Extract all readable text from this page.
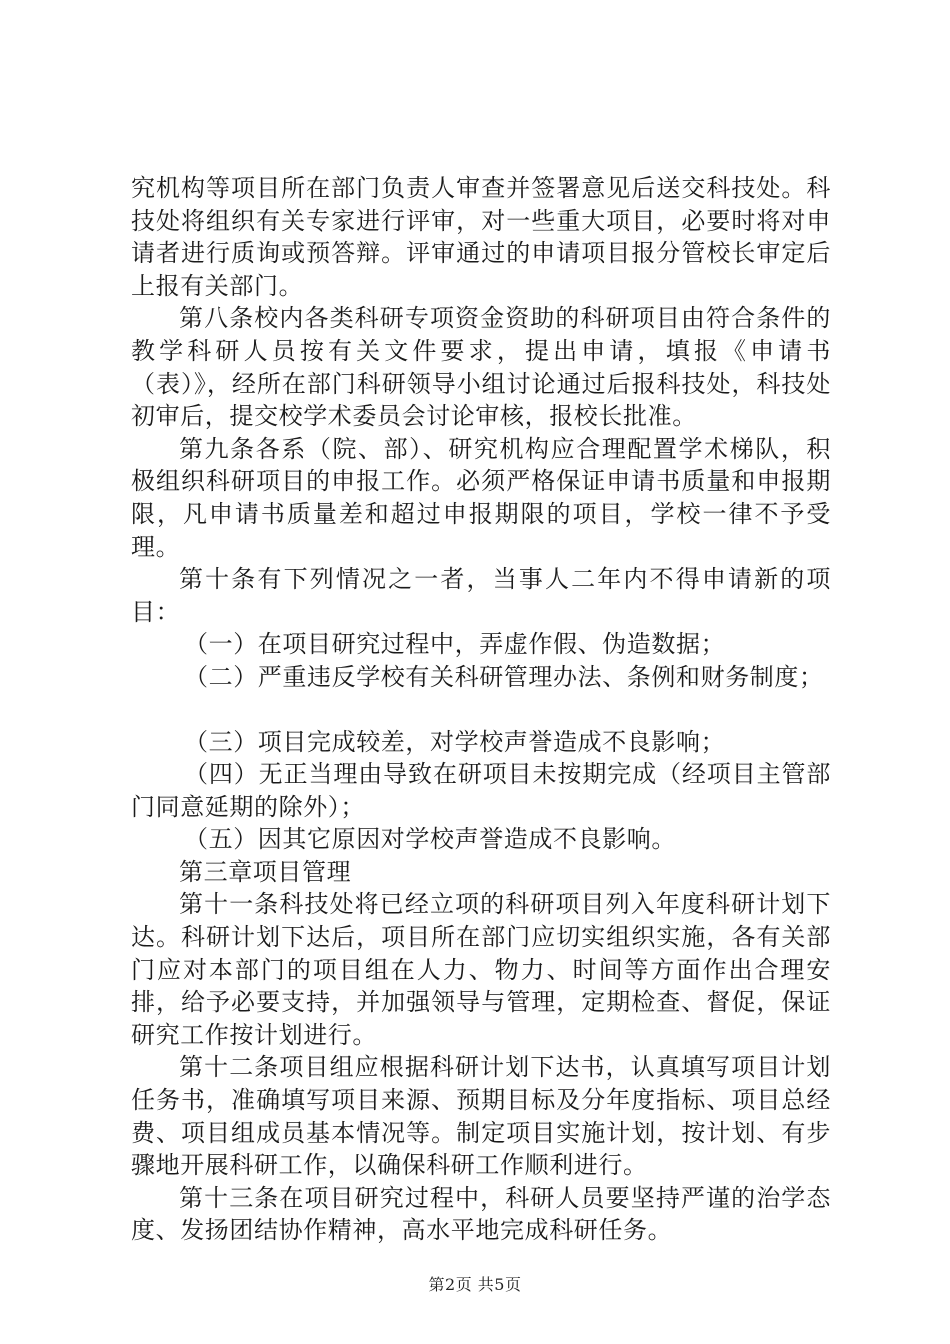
究机构等项目所在部门负责人审查并签署意见后送交科技处。科技处将组织有关专家进行评审，对一些重大项目，必要时将对申请者进行质询或预答辩。评审通过的申请项目报分管校长审定后上报有关部门。

第八条校内各类科研专项资金资助的科研项目由符合条件的教学科研人员按有关文件要求，提出申请，填报《申请书（表）》，经所在部门科研领导小组讨论通过后报科技处，科技处初审后，提交校学术委员会讨论审核，报校长批准。

第九条各系（院、部）、研究机构应合理配置学术梯队，积极组织科研项目的申报工作。必须严格保证申请书质量和申报期限，凡申请书质量差和超过申报期限的项目，学校一律不予受理。

第十条有下列情况之一者，当事人二年内不得申请新的项目：

（一）在项目研究过程中，弄虚作假、伪造数据；

（二）严重违反学校有关科研管理办法、条例和财务制度；

（三）项目完成较差，对学校声誉造成不良影响；

（四）无正当理由导致在研项目未按期完成（经项目主管部门同意延期的除外）；

（五）因其它原因对学校声誉造成不良影响。

第三章项目管理

第十一条科技处将已经立项的科研项目列入年度科研计划下达。科研计划下达后，项目所在部门应切实组织实施，各有关部门应对本部门的项目组在人力、物力、时间等方面作出合理安排，给予必要支持，并加强领导与管理，定期检查、督促，保证研究工作按计划进行。

第十二条项目组应根据科研计划下达书，认真填写项目计划任务书，准确填写项目来源、预期目标及分年度指标、项目总经费、项目组成员基本情况等。制定项目实施计划，按计划、有步骤地开展科研工作，以确保科研工作顺利进行。

第十三条在项目研究过程中，科研人员要坚持严谨的治学态度、发扬团结协作精神，高水平地完成科研任务。

第2页 共5页
